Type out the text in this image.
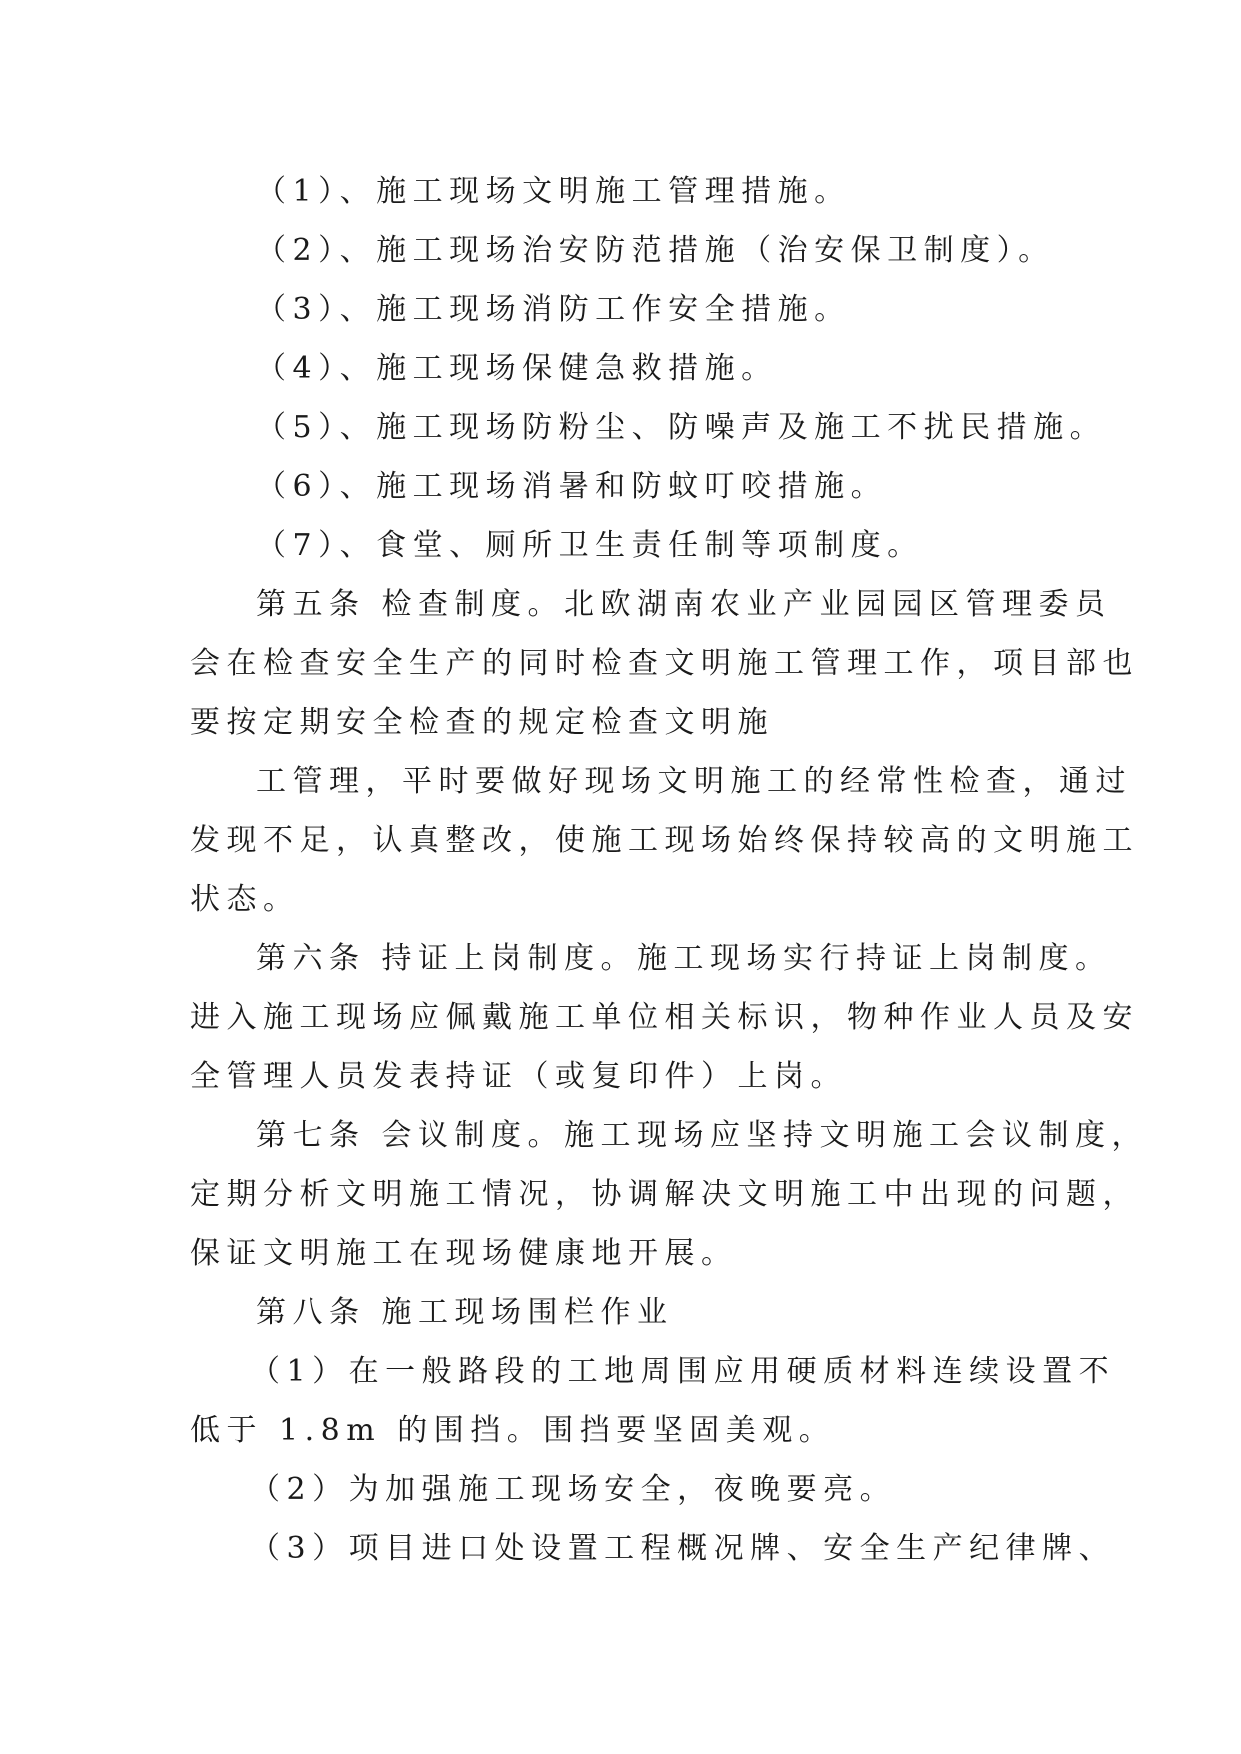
（1）、施工现场文明施工管理措施。
（2）、施工现场治安防范措施（治安保卫制度）。
（3）、施工现场消防工作安全措施。
（4）、施工现场保健急救措施。
（5）、施工现场防粉尘、防噪声及施工不扰民措施。
（6）、施工现场消暑和防蚊叮咬措施。
（7）、食堂、厕所卫生责任制等项制度。
第五条 检查制度。北欧湖南农业产业园园区管理委员
会在检查安全生产的同时检查文明施工管理工作，项目部也
要按定期安全检查的规定检查文明施
工管理，平时要做好现场文明施工的经常性检查，通过
发现不足，认真整改，使施工现场始终保持较高的文明施工
状态。
第六条 持证上岗制度。施工现场实行持证上岗制度。
进入施工现场应佩戴施工单位相关标识，物种作业人员及安
全管理人员发表持证（或复印件）上岗。
第七条 会议制度。施工现场应坚持文明施工会议制度，
定期分析文明施工情况，协调解决文明施工中出现的问题，
保证文明施工在现场健康地开展。
第八条 施工现场围栏作业
（1）在一般路段的工地周围应用硬质材料连续设置不
低于 1.8m 的围挡。围挡要坚固美观。
（2）为加强施工现场安全，夜晚要亮。
（3）项目进口处设置工程概况牌、安全生产纪律牌、
